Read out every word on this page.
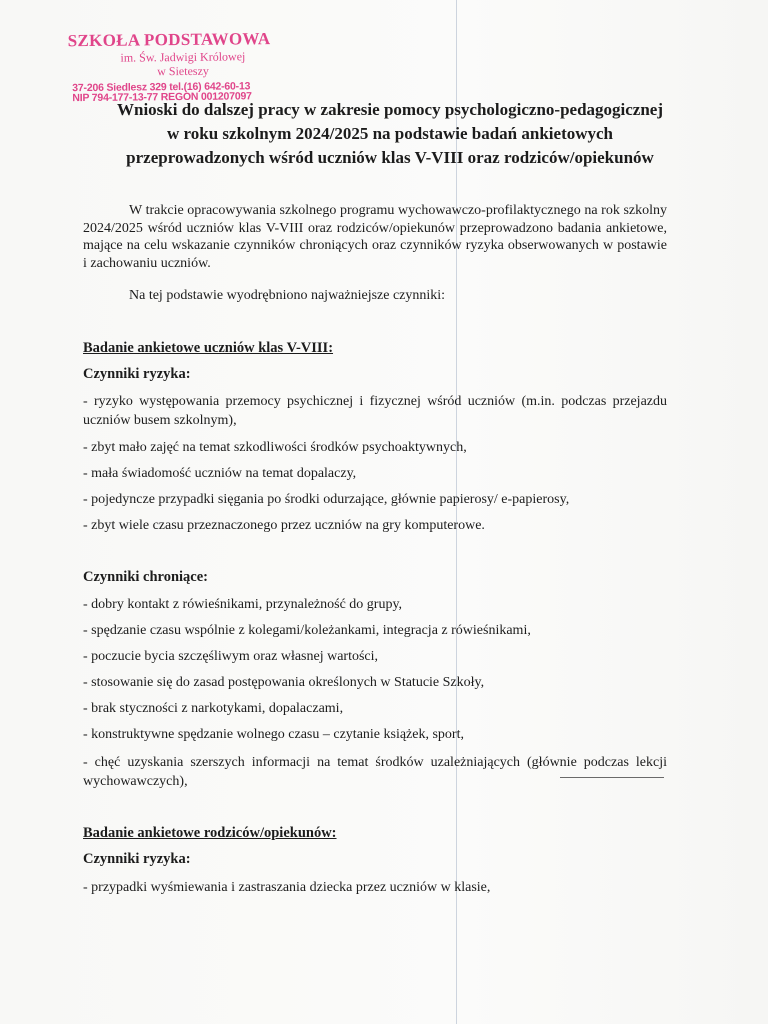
SZKOŁA PODSTAWOWA
im. Św. Jadwigi Królowej
w Sieteszy
37-206 Siedlesz 329 tel.(16) 642-60-13
NIP 794-177-13-77 REGON 001207097
Wnioski do dalszej pracy w zakresie pomocy psychologiczno-pedagogicznej
w roku szkolnym 2024/2025 na podstawie badań ankietowych
przeprowadzonych wśród uczniów klas V-VIII oraz rodziców/opiekunów

W trakcie opracowywania szkolnego programu wychowawczo-profilaktycznego na rok szkolny 2024/2025 wśród uczniów klas V-VIII oraz rodziców/opiekunów przeprowadzono badania ankietowe, mające na celu wskazanie czynników chroniących oraz czynników ryzyka obserwowanych w postawie i zachowaniu uczniów.

Na tej podstawie wyodrębniono najważniejsze czynniki:

Badanie ankietowe uczniów klas V-VIII:

Czynniki ryzyka:

- ryzyko występowania przemocy psychicznej i fizycznej wśród uczniów (m.in. podczas przejazdu uczniów busem szkolnym),

- zbyt mało zajęć na temat szkodliwości środków psychoaktywnych,

- mała świadomość uczniów na temat dopalaczy,

- pojedyncze przypadki sięgania po środki odurzające, głównie papierosy/ e-papierosy,

- zbyt wiele czasu przeznaczonego przez uczniów na gry komputerowe.

Czynniki chroniące:

- dobry kontakt z rówieśnikami, przynależność do grupy,

- spędzanie czasu wspólnie z kolegami/koleżankami, integracja z rówieśnikami,

- poczucie bycia szczęśliwym oraz własnej wartości,

- stosowanie się do zasad postępowania określonych w Statucie Szkoły,

- brak styczności z narkotykami, dopalaczami,

- konstruktywne spędzanie wolnego czasu – czytanie książek, sport,

- chęć uzyskania szerszych informacji na temat środków uzależniających (głównie podczas lekcji wychowawczych),

Badanie ankietowe rodziców/opiekunów:

Czynniki ryzyka:

- przypadki wyśmiewania i zastraszania dziecka przez uczniów w klasie,
